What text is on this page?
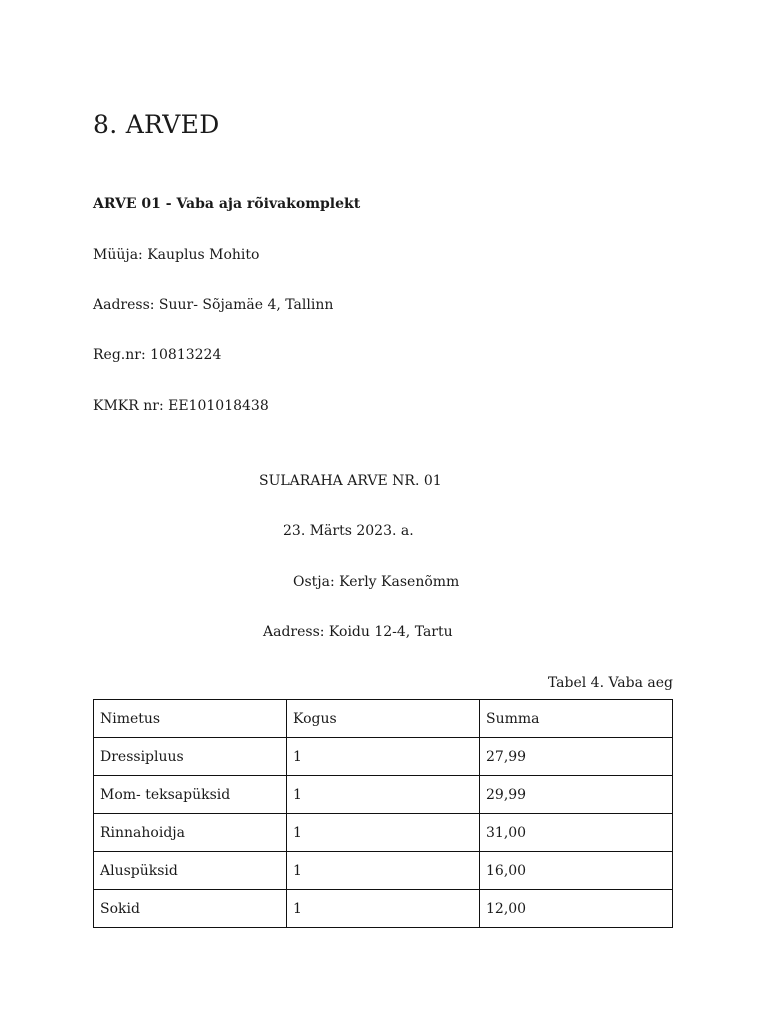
8. ARVED
ARVE 01 - Vaba aja rõivakomplekt
Müüja: Kauplus Mohito
Aadress: Suur- Sõjamäe 4, Tallinn
Reg.nr: 10813224
KMKR nr: EE101018438
SULARAHA ARVE NR. 01
23. Märts 2023. a.
Ostja: Kerly Kasenõmm
Aadress: Koidu 12-4, Tartu
Tabel 4. Vaba aeg
Nimetus	Kogus	Summa
Dressipluus	1	27,99
Mom- teksapüksid	1	29,99
Rinnahoidja	1	31,00
Aluspüksid	1	16,00
Sokid	1	12,00
